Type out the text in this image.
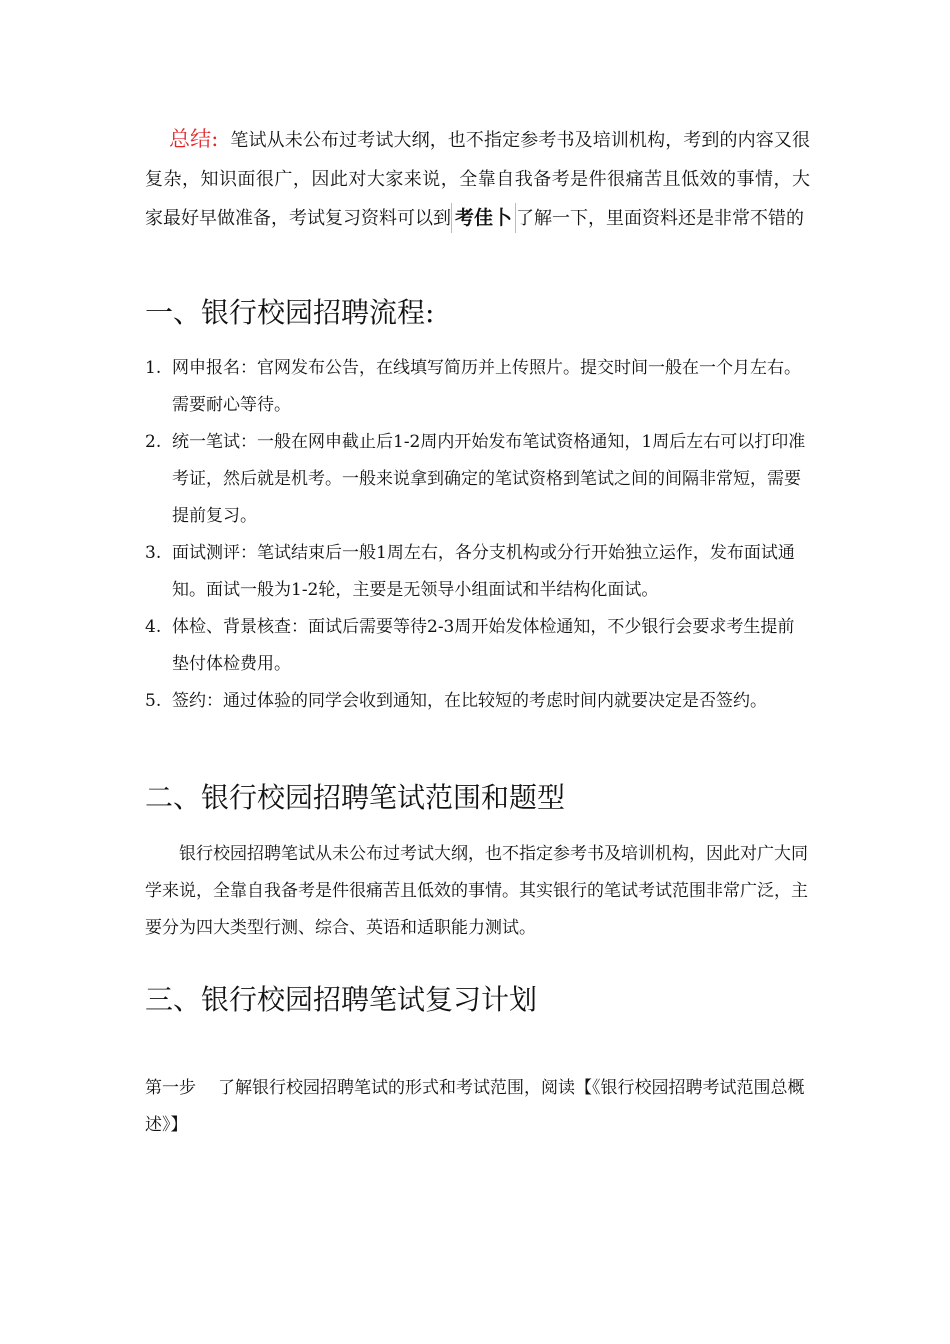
总结: 笔试从未公布过考试大纲，也不指定参考书及培训机构，考到的内容又很复杂，知识面很广，因此对大家来说，全靠自我备考是件很痛苦且低效的事情，大家最好早做准备，考试复习资料可以到 考佳卜 了解一下，里面资料还是非常不错的

一、银行校园招聘流程:
1. 网申报名：官网发布公告，在线填写简历并上传照片。提交时间一般在一个月左右。需要耐心等待。
2. 统一笔试：一般在网申截止后1-2周内开始发布笔试资格通知，1周后左右可以打印准考证，然后就是机考。一般来说拿到确定的笔试资格到笔试之间的间隔非常短，需要提前复习。
3. 面试测评：笔试结束后一般1周左右，各分支机构或分行开始独立运作，发布面试通知。面试一般为1-2轮，主要是无领导小组面试和半结构化面试。
4. 体检、背景核查：面试后需要等待2-3周开始发体检通知，不少银行会要求考生提前垫付体检费用。
5. 签约：通过体验的同学会收到通知，在比较短的考虑时间内就要决定是否签约。
二、银行校园招聘笔试范围和题型

银行校园招聘笔试从未公布过考试大纲，也不指定参考书及培训机构，因此对广大同学来说，全靠自我备考是件很痛苦且低效的事情。其实银行的笔试考试范围非常广泛，主要分为四大类型行测、综合、英语和适职能力测试。

三、银行校园招聘笔试复习计划

第一步 了解银行校园招聘笔试的形式和考试范围，阅读【《银行校园招聘考试范围总概述》】
